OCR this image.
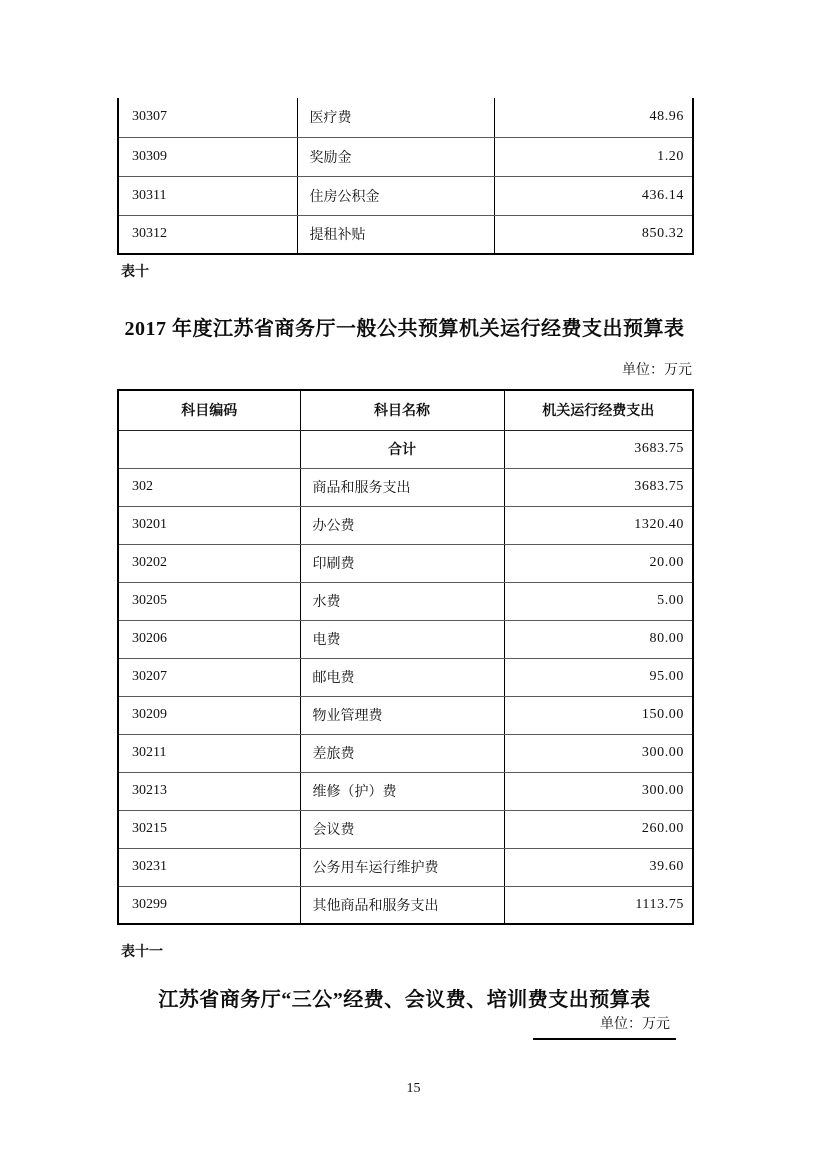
30307	医疗费	48.96
30309	奖励金	1.20
30311	住房公积金	436.14
30312	提租补贴	850.32
表十
2017 年度江苏省商务厅一般公共预算机关运行经费支出预算表
单位：万元
科目编码	科目名称	机关运行经费支出
	合计	3683.75
302	商品和服务支出	3683.75
30201	办公费	1320.40
30202	印刷费	20.00
30205	水费	5.00
30206	电费	80.00
30207	邮电费	95.00
30209	物业管理费	150.00
30211	差旅费	300.00
30213	维修（护）费	300.00
30215	会议费	260.00
30231	公务用车运行维护费	39.60
30299	其他商品和服务支出	1113.75
表十一
江苏省商务厅“三公”经费、会议费、培训费支出预算表
单位：万元
15
